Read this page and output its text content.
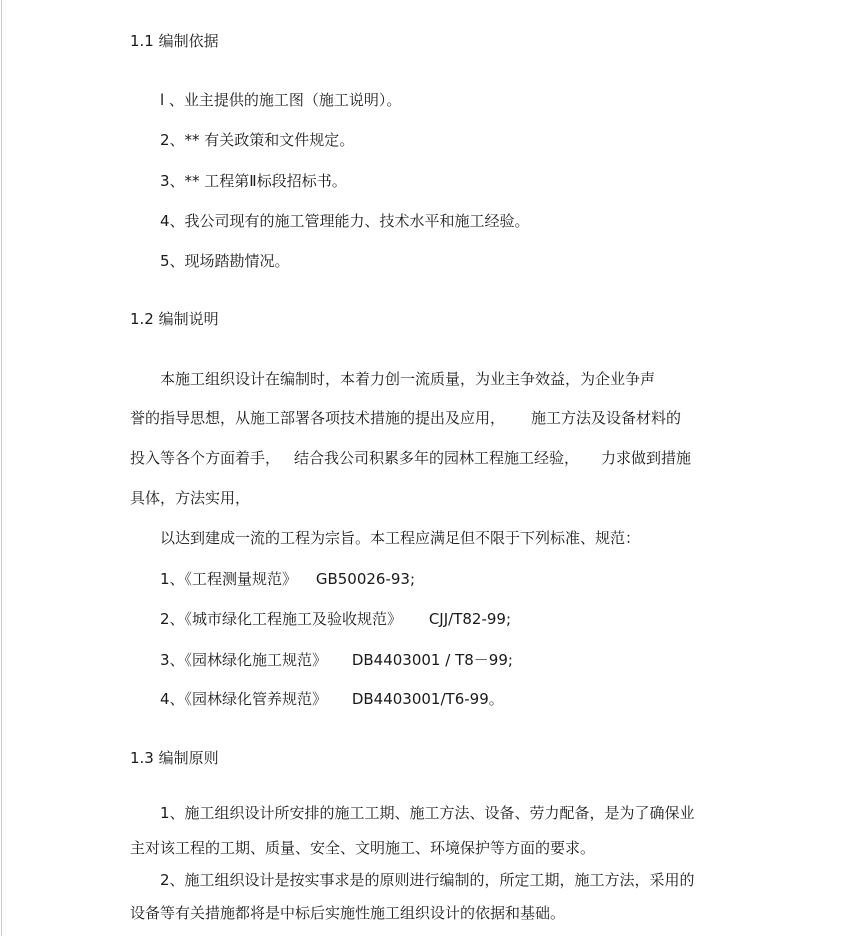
1.1 编制依据
l 、业主提供的施工图（施工说明）。
2、** 有关政策和文件规定。
3、** 工程第Ⅱ标段招标书。
4、我公司现有的施工管理能力、技术水平和施工经验。
5、现场踏勘情况。
1.2 编制说明
本施工组织设计在编制时，本着力创一流质量，为业主争效益，为企业争声
誉的指导思想，从施工部署各项技术措施的提出及应用， 施工方法及设备材料的
投入等各个方面着手， 结合我公司积累多年的园林工程施工经验， 力求做到措施
具体，方法实用，
以达到建成一流的工程为宗旨。本工程应满足但不限于下列标准、规范：
1、《工程测量规范》 GB50026-93;
2、《城市绿化工程施工及验收规范》 CJJ/T82-99;
3、《园林绿化施工规范》 DB4403001 / T8－99;
4、《园林绿化管养规范》 DB4403001/T6-99。
1.3 编制原则
1、施工组织设计所安排的施工工期、施工方法、设备、劳力配备，是为了确保业
主对该工程的工期、质量、安全、文明施工、环境保护等方面的要求。
2、施工组织设计是按实事求是的原则进行编制的，所定工期，施工方法，采用的
设备等有关措施都将是中标后实施性施工组织设计的依据和基础。
